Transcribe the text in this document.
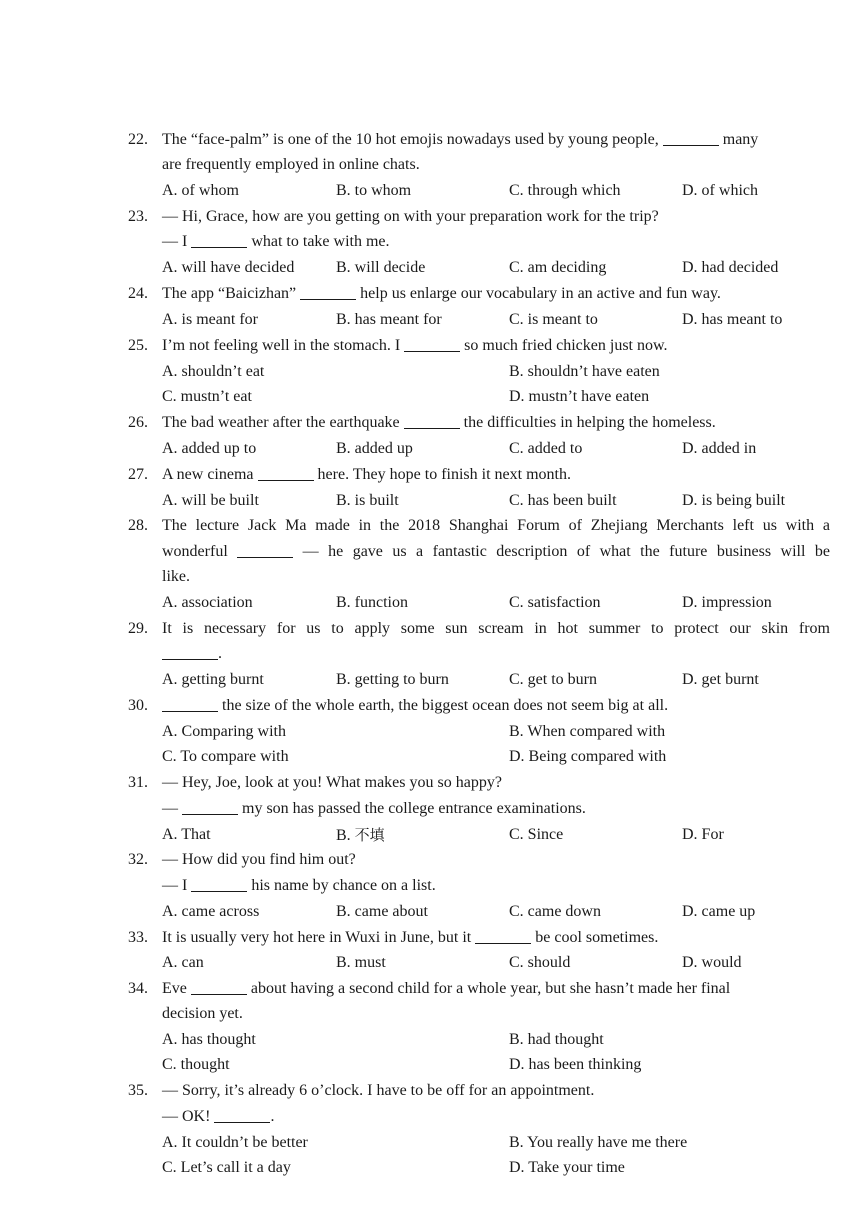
22. The “face-palm” is one of the 10 hot emojis nowadays used by young people,	many
are frequently employed in online chats.
A. of whom	B. to whom	C. through which	D. of which
23. — Hi, Grace, how are you getting on with your preparation work for the trip?
— I	what to take with me.
A. will have decided	B. will decide	C. am deciding	D. had decided
24. The app “Baicizhan”	help us enlarge our vocabulary in an active and fun way.
A. is meant for	B. has meant for	C. is meant to	D. has meant to
25. I’m not feeling well in the stomach. I	so much fried chicken just now.
A. shouldn’t eat	B. shouldn’t have eaten
C. mustn’t eat	D. mustn’t have eaten
26. The bad weather after the earthquake	the difficulties in helping the homeless.
A. added up to	B. added up	C. added to	D. added in
27. A new cinema	here. They hope to finish it next month.
A. will be built	B. is built	C. has been built	D. is being built
28. The lecture Jack Ma made in the 2018 Shanghai Forum of Zhejiang Merchants left us with a
wonderful	— he gave us a fantastic description of what the future business will be
like.
A. association	B. function	C. satisfaction	D. impression
29. It is necessary for us to apply some sun scream in hot summer to protect our skin from
.
A. getting burnt	B. getting to burn	C. get to burn	D. get burnt
30.	the size of the whole earth, the biggest ocean does not seem big at all.
A. Comparing with	B. When compared with
C. To compare with	D. Being compared with
31. — Hey, Joe, look at you! What makes you so happy?
—	my son has passed the college entrance examinations.
A. That	B. 不填	C. Since	D. For
32. — How did you find him out?
— I	his name by chance on a list.
A. came across	B. came about	C. came down	D. came up
33. It is usually very hot here in Wuxi in June, but it	be cool sometimes.
A. can	B. must	C. should	D. would
34. Eve	about having a second child for a whole year, but she hasn’t made her final
decision yet.
A. has thought	B. had thought
C. thought	D. has been thinking
35. — Sorry, it’s already 6 o’clock. I have to be off for an appointment.
— OK!	.
A. It couldn’t be better	B. You really have me there
C. Let’s call it a day	D. Take your time
